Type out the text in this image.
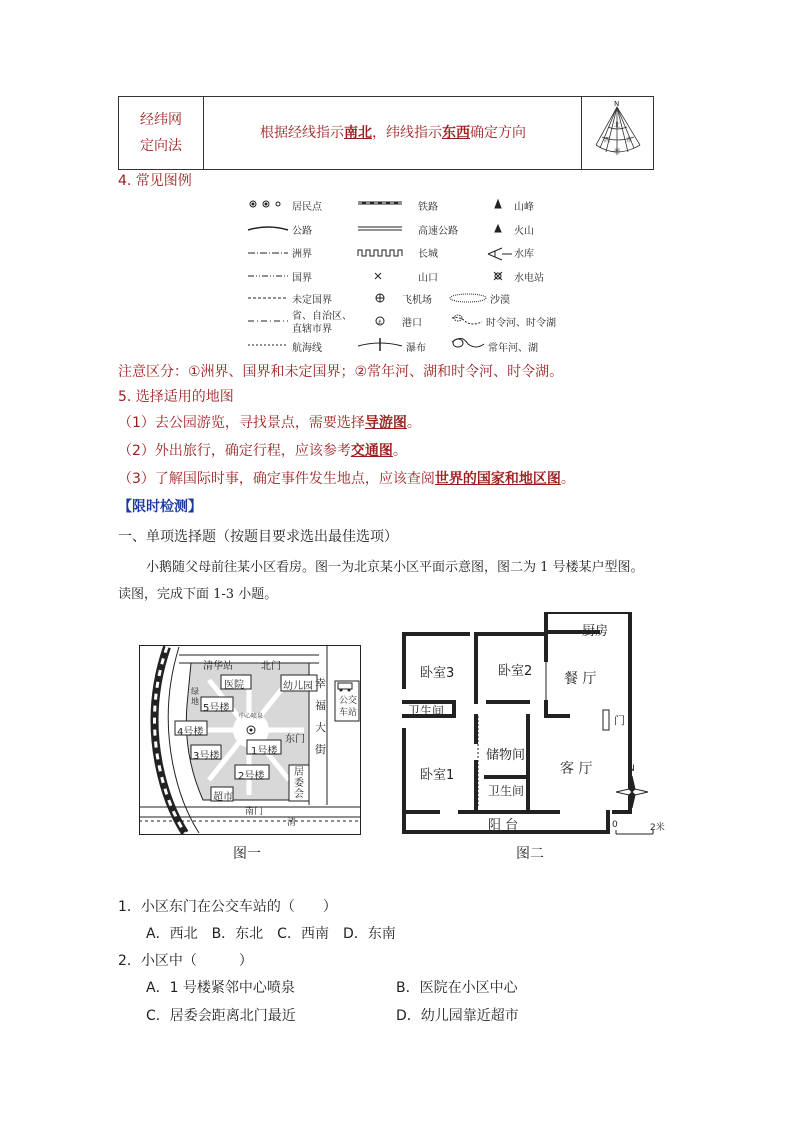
经纬网
定向法
根据经线指示南北，纬线指示东西确定方向
N
北
西	东
南
4. 常见图例
⚓
居民点
公路
洲界
国界
未定国界
省、自治区、
直辖市界
航海线
铁路
高速公路
长城
山口
飞机场
港口
瀑布
山峰
火山
水库
水电站
沙漠
时令河、时令湖
常年河、湖
注意区分：①洲界、国界和未定国界；②常年河、湖和时令河、时令湖。
5. 选择适用的地图
（1）去公园游览，寻找景点，需要选择导游图。
（2）外出旅行，确定行程，应该参考交通图。
（3）了解国际时事，确定事件发生地点，应该查阅世界的国家和地区图。
【限时检测】
一、单项选择题（按题目要求选出最佳选项）
小鹅随父母前往某小区看房。图一为北京某小区平面示意图，图二为 1 号楼某户型图。
读图，完成下面 1-3 小题。
清华站	北门
医院	幼儿园
公交
车站
中心喷泉
5号楼
4号楼
3号楼	1号楼
2号楼
东门
居
委
会
超市
南门
幸
福
大
街
绿
地
清
图一
厨房
卧室3	卧室2 餐 厅
卫生间
门
储物间
客 厅
卧室1
卫生间
阳 台
N
0	2米
图二
1．小区东门在公交车站的（　　）
A．西北　B．东北　C．西南　D．东南
2．小区中（　　　）
A．1 号楼紧邻中心喷泉	B．医院在小区中心
C．居委会距离北门最近	D．幼儿园靠近超市
